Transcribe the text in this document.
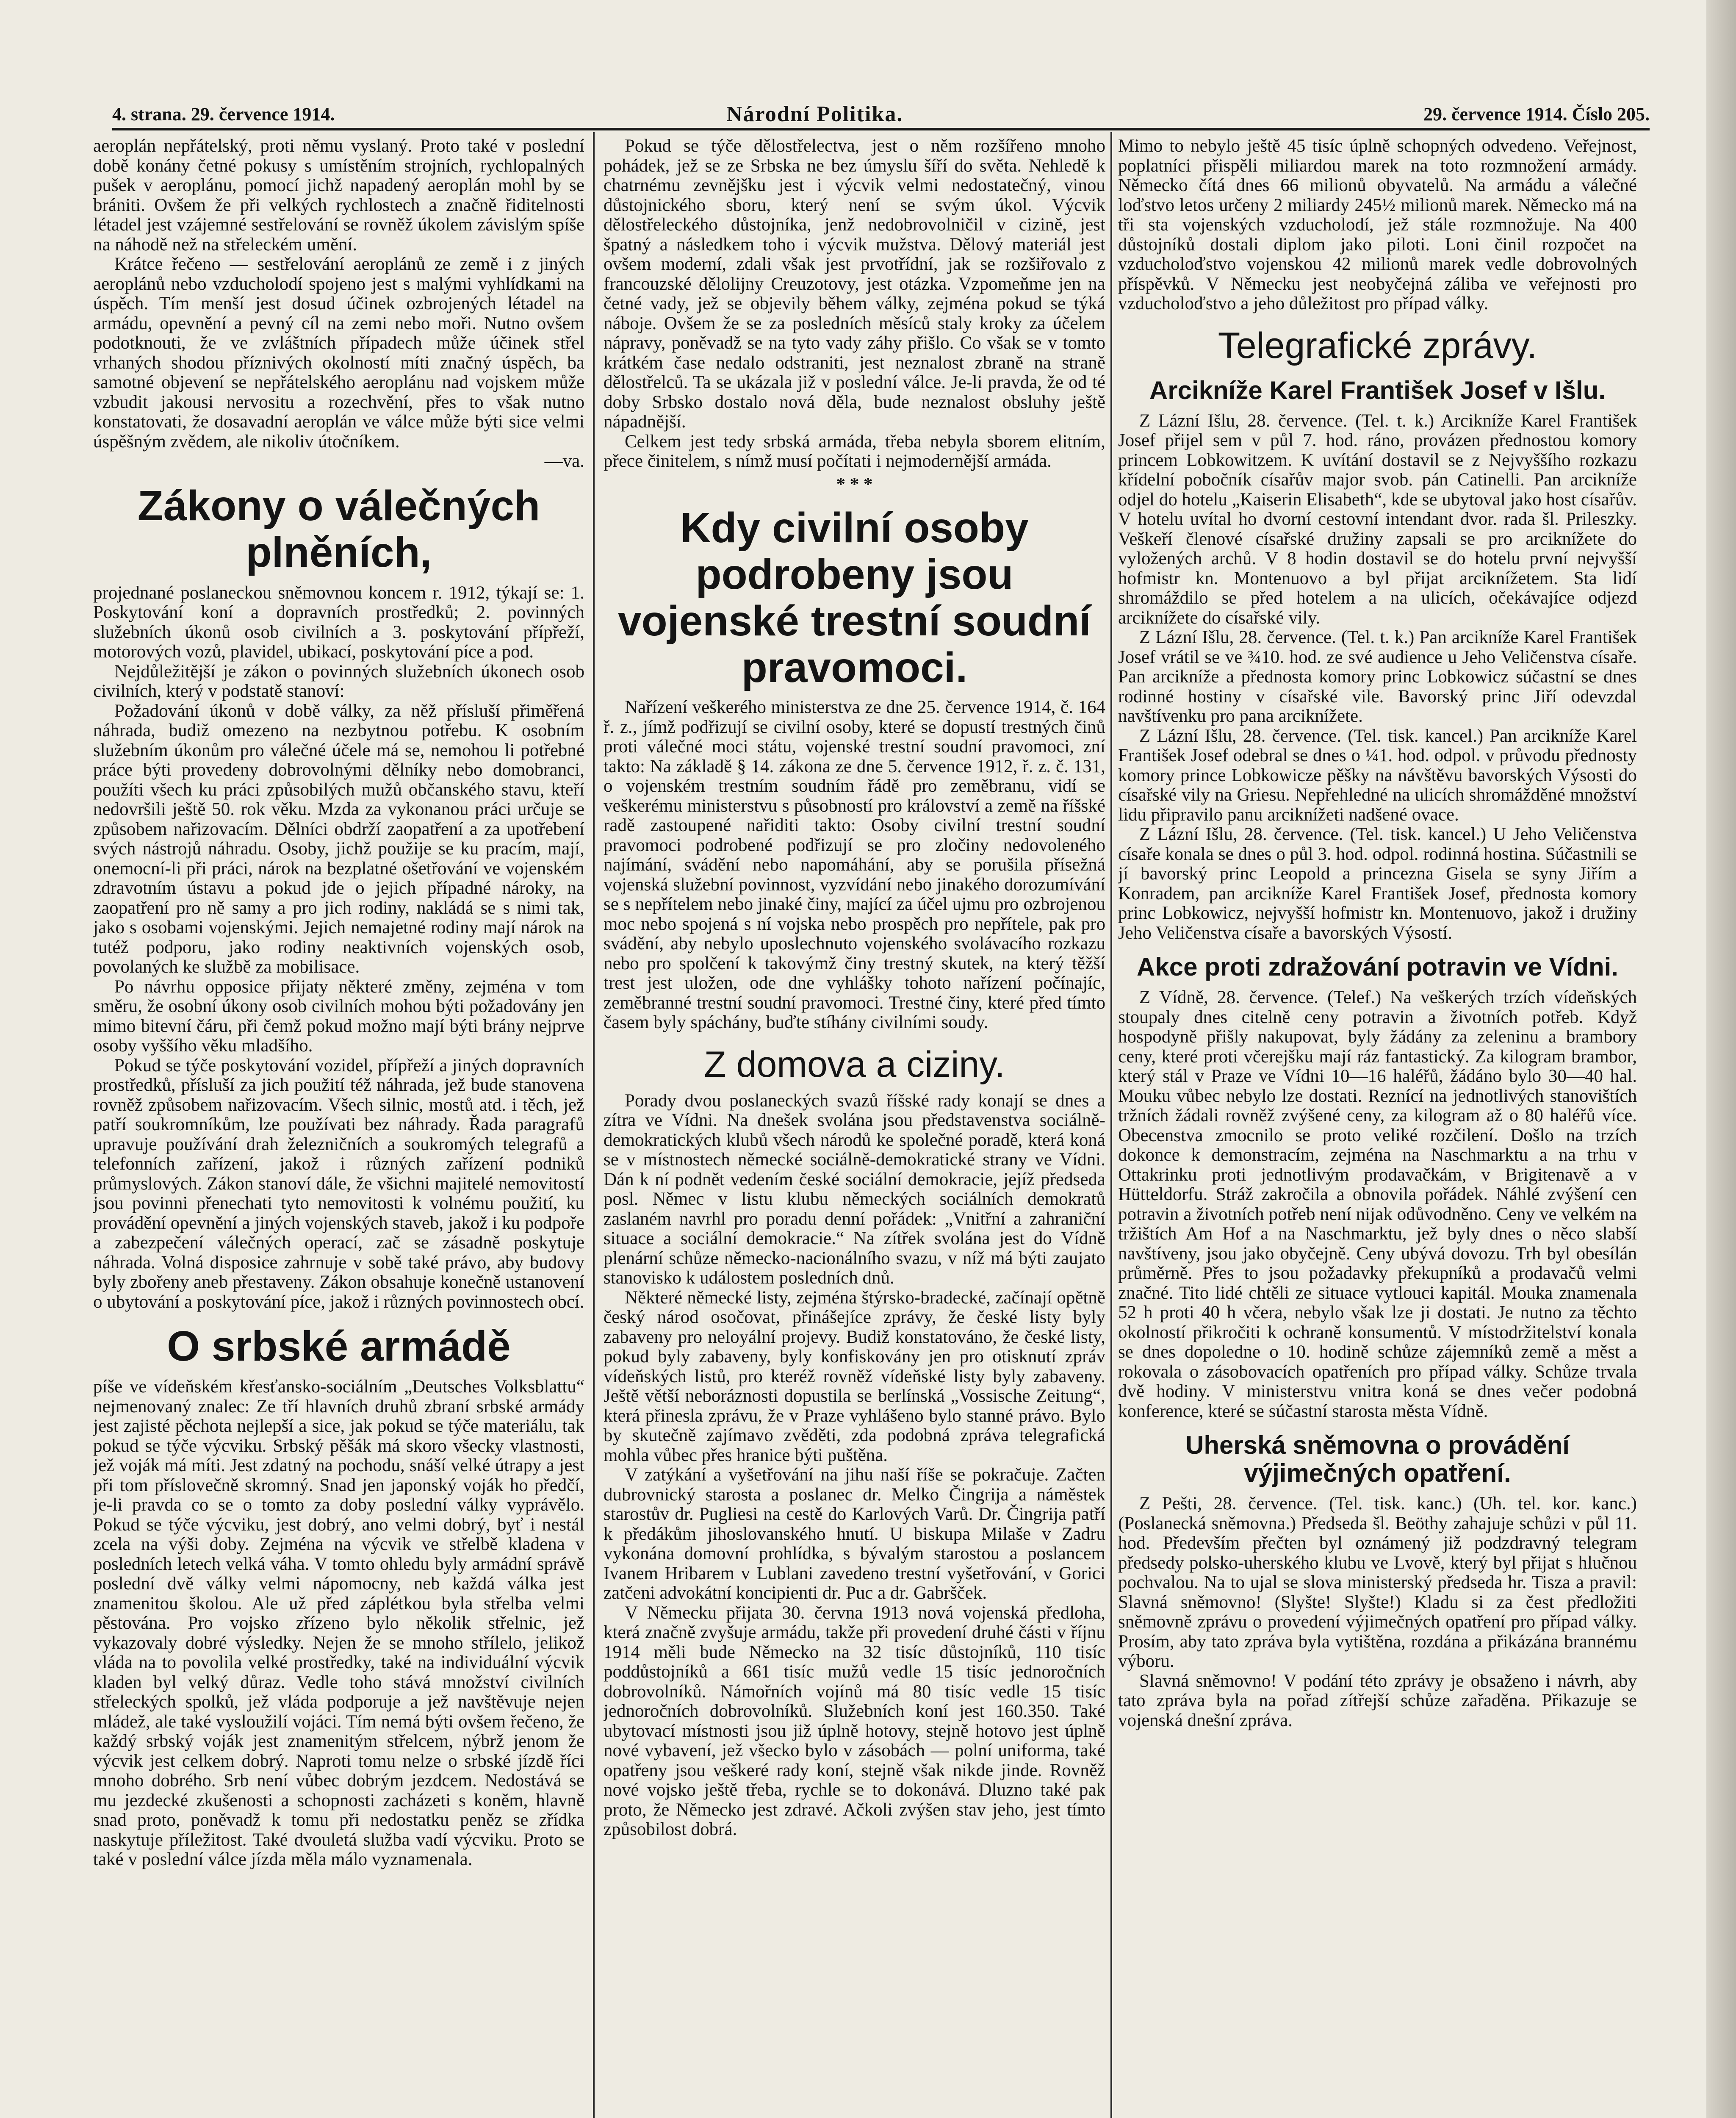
4. strana. 29. července 1914.	Národní Politika.	29. července 1914. Číslo 205.

aeroplán nepřátelský, proti němu vyslaný. Proto také v poslední době konány četné pokusy s umístěním strojních, rychlopalných pušek v aeroplánu, pomocí jichž napadený aeroplán mohl by se brániti. Ovšem že při velkých rychlostech a značně řiditelnosti létadel jest vzájemné sestřelování se rovněž úkolem závislým spíše na náhodě než na střeleckém umění.

Krátce řečeno — sestřelování aeroplánů ze země i z jiných aeroplánů nebo vzducholodí spojeno jest s malými vyhlídkami na úspěch. Tím menší jest dosud účinek ozbrojených létadel na armádu, opevnění a pevný cíl na zemi nebo moři. Nutno ovšem podotknouti, že ve zvláštních případech může účinek střel vrhaných shodou příznivých okolností míti značný úspěch, ba samotné objevení se nepřátelského aeroplánu nad vojskem může vzbudit jakousi nervositu a rozechvění, přes to však nutno konstatovati, že dosavadní aeroplán ve válce může býti sice velmi úspěšným zvědem, ale nikoliv útočníkem.

—va.

Zákony o válečných plněních,

projednané poslaneckou sněmovnou koncem r. 1912, týkají se: 1. Poskytování koní a dopravních prostředků; 2. povinných služebních úkonů osob civilních a 3. poskytování přípřeží, motorových vozů, plavidel, ubikací, poskytování píce a pod.

Nejdůležitější je zákon o povinných služebních úkonech osob civilních, který v podstatě stanoví:

Požadování úkonů v době války, za něž přísluší přiměřená náhrada, budiž omezeno na nezbytnou potřebu. K osobním služebním úkonům pro válečné účele má se, nemohou li potřebné práce býti provedeny dobrovolnými dělníky nebo domobranci, použíti všech ku práci způsobilých mužů občanského stavu, kteří nedovršili ještě 50. rok věku. Mzda za vykonanou práci určuje se způsobem nařizovacím. Dělníci obdrží zaopatření a za upotřebení svých nástrojů náhradu. Osoby, jichž použije se ku pracím, mají, onemocní-li při práci, nárok na bezplatné ošetřování ve vojenském zdravotním ústavu a pokud jde o jejich případné nároky, na zaopatření pro ně samy a pro jich rodiny, nakládá se s nimi tak, jako s osobami vojenskými. Jejich nemajetné rodiny mají nárok na tutéž podporu, jako rodiny neaktivních vojenských osob, povolaných ke službě za mobilisace.

Po návrhu opposice přijaty některé změny, zejména v tom směru, že osobní úkony osob civilních mohou býti požadovány jen mimo bitevní čáru, při čemž pokud možno mají býti brány nejprve osoby vyššího věku mladšího.

Pokud se týče poskytování vozidel, přípřeží a jiných dopravních prostředků, přísluší za jich použití též náhrada, jež bude stanovena rovněž způsobem nařizovacím. Všech silnic, mostů atd. i těch, jež patří soukromníkům, lze používati bez náhrady. Řada paragrafů upravuje používání drah železničních a soukromých telegrafů a telefonních zařízení, jakož i různých zařízení podniků průmyslových. Zákon stanoví dále, že všichni majitelé nemovitostí jsou povinni přenechati tyto nemovitosti k volnému použití, ku provádění opevnění a jiných vojenských staveb, jakož i ku podpoře a zabezpečení válečných operací, zač se zásadně poskytuje náhrada. Volná disposice zahrnuje v sobě také právo, aby budovy byly zbořeny aneb přestaveny. Zákon obsahuje konečně ustanovení o ubytování a poskytování píce, jakož i různých povinnostech obcí.

O srbské armádě

píše ve vídeňském křesťansko-sociálním „Deutsches Volksblattu“ nejmenovaný znalec: Ze tří hlavních druhů zbraní srbské armády jest zajisté pěchota nejlepší a sice, jak pokud se týče materiálu, tak pokud se týče výcviku. Srbský pěšák má skoro všecky vlastnosti, jež voják má míti. Jest zdatný na pochodu, snáší velké útrapy a jest při tom příslovečně skromný. Snad jen japonský voják ho předčí, je-li pravda co se o tomto za doby poslední války vyprávělo. Pokud se týče výcviku, jest dobrý, ano velmi dobrý, byť i nestál zcela na výši doby. Zejména na výcvik ve střelbě kladena v posledních letech velká váha. V tomto ohledu byly armádní správě poslední dvě války velmi nápomocny, neb každá válka jest znamenitou školou. Ale už před záplétkou byla střelba velmi pěstována. Pro vojsko zřízeno bylo několik střelnic, jež vykazovaly dobré výsledky. Nejen že se mnoho střílelo, jelikož vláda na to povolila velké prostředky, také na individuální výcvik kladen byl velký důraz. Vedle toho stává množství civilních střeleckých spolků, jež vláda podporuje a jež navštěvuje nejen mládež, ale také vysloužilí vojáci. Tím nemá býti ovšem řečeno, že každý srbský voják jest znamenitým střelcem, nýbrž jenom že výcvik jest celkem dobrý. Naproti tomu nelze o srbské jízdě říci mnoho dobrého. Srb není vůbec dobrým jezdcem. Nedostává se mu jezdecké zkušenosti a schopnosti zacházeti s koněm, hlavně snad proto, poněvadž k tomu při nedostatku peněz se zřídka naskytuje příležitost. Také dvouletá služba vadí výcviku. Proto se také v poslední válce jízda měla málo vyznamenala.

Pokud se týče dělostřelectva, jest o něm rozšířeno mnoho pohádek, jež se ze Srbska ne bez úmyslu šíří do světa. Nehledě k chatrnému zevnějšku jest i výcvik velmi nedostatečný, vinou důstojnického sboru, který není se svým úkol. Výcvik dělostřeleckého důstojníka, jenž nedobrovolničil v cizině, jest špatný a následkem toho i výcvik mužstva. Dělový materiál jest ovšem moderní, zdali však jest prvotřídní, jak se rozšiřovalo z francouzské dělolijny Creuzotovy, jest otázka. Vzpomeňme jen na četné vady, jež se objevily během války, zejména pokud se týká náboje. Ovšem že se za posledních měsíců staly kroky za účelem nápravy, poněvadž se na tyto vady záhy přišlo. Co však se v tomto krátkém čase nedalo odstraniti, jest neznalost zbraně na straně dělostřelců. Ta se ukázala již v poslední válce. Je-li pravda, že od té doby Srbsko dostalo nová děla, bude neznalost obsluhy ještě nápadnější.

Celkem jest tedy srbská armáda, třeba nebyla sborem elitním, přece činitelem, s nímž musí počítati i nejmodernější armáda.

* * *
Kdy civilní osoby podrobeny jsou vojenské trestní soudní pravomoci.

Nařízení veškerého ministerstva ze dne 25. července 1914, č. 164 ř. z., jímž podřizují se civilní osoby, které se dopustí trestných činů proti válečné moci státu, vojenské trestní soudní pravomoci, zní takto: Na základě § 14. zákona ze dne 5. července 1912, ř. z. č. 131, o vojenském trestním soudním řádě pro zeměbranu, vidí se veškerému ministerstvu s působností pro království a země na říšské radě zastoupené nařiditi takto: Osoby civilní trestní soudní pravomoci podrobené podřizují se pro zločiny nedovoleného najímání, svádění nebo napomáhání, aby se porušila přísežná vojenská služební povinnost, vyzvídání nebo jinakého dorozumívání se s nepřítelem nebo jinaké činy, mající za účel ujmu pro ozbrojenou moc nebo spojená s ní vojska nebo prospěch pro nepřítele, pak pro svádění, aby nebylo uposlechnuto vojenského svolávacího rozkazu nebo pro spolčení k takovýmž činy trestný skutek, na který těžší trest jest uložen, ode dne vyhlášky tohoto nařízení počínajíc, zeměbranné trestní soudní pravomoci. Trestné činy, které před tímto časem byly spáchány, buďte stíhány civilními soudy.

Z domova a ciziny.

Porady dvou poslaneckých svazů říšské rady konají se dnes a zítra ve Vídni. Na dnešek svolána jsou představenstva sociálně-demokratických klubů všech národů ke společné poradě, která koná se v místnostech německé sociálně-demokratické strany ve Vídni. Dán k ní podnět vedením české sociální demokracie, jejíž předseda posl. Němec v listu klubu německých sociálních demokratů zaslaném navrhl pro poradu denní pořádek: „Vnitřní a zahraniční situace a sociální demokracie.“ Na zítřek svolána jest do Vídně plenární schůze německo-nacionálního svazu, v níž má býti zaujato stanovisko k událostem posledních dnů.

Některé německé listy, zejména štýrsko-bradecké, začínají opětně český národ osočovat, přinášejíce zprávy, že české listy byly zabaveny pro neloyální projevy. Budiž konstatováno, že české listy, pokud byly zabaveny, byly konfiskovány jen pro otisknutí zpráv vídeňských listů, pro kteréž rovněž vídeňské listy byly zabaveny. Ještě větší neboráznosti dopustila se berlínská „Vossische Zeitung“, která přinesla zprávu, že v Praze vyhlášeno bylo stanné právo. Bylo by skutečně zajímavo zvěděti, zda podobná zpráva telegrafická mohla vůbec přes hranice býti puštěna.

V zatýkání a vyšetřování na jihu naší říše se pokračuje. Začten dubrovnický starosta a poslanec dr. Melko Čingrija a náměstek starostův dr. Pugliesi na cestě do Karlových Varů. Dr. Čingrija patří k předákům jihoslovanského hnutí. U biskupa Milaše v Zadru vykonána domovní prohlídka, s bývalým starostou a poslancem Ivanem Hribarem v Lublani zavedeno trestní vyšetřování, v Gorici zatčeni advokátní koncipienti dr. Puc a dr. Gabršček.

V Německu přijata 30. června 1913 nová vojenská předloha, která značně zvyšuje armádu, takže při provedení druhé části v říjnu 1914 měli bude Německo na 32 tisíc důstojníků, 110 tisíc poddůstojníků a 661 tisíc mužů vedle 15 tisíc jednoročních dobrovolníků. Námořních vojínů má 80 tisíc vedle 15 tisíc jednoročních dobrovolníků. Služebních koní jest 160.350. Také ubytovací místnosti jsou již úplně hotovy, stejně hotovo jest úplně nové vybavení, jež všecko bylo v zásobách — polní uniforma, také opatřeny jsou veškeré rady koní, stejně však nikde jinde. Rovněž nové vojsko ještě třeba, rychle se to dokonává. Dluzno také pak proto, že Německo jest zdravé. Ačkoli zvýšen stav jeho, jest tímto způsobilost dobrá.

Mimo to nebylo ještě 45 tisíc úplně schopných odvedeno. Veřejnost, poplatníci přispěli miliardou marek na toto rozmnožení armády. Německo čítá dnes 66 milionů obyvatelů. Na armádu a válečné loďstvo letos určeny 2 miliardy 245½ milionů marek. Německo má na tři sta vojenských vzducholodí, jež stále rozmnožuje. Na 400 důstojníků dostali diplom jako piloti. Loni činil rozpočet na vzducholoďstvo vojenskou 42 milionů marek vedle dobrovolných příspěvků. V Německu jest neobyčejná záliba ve veřejnosti pro vzducholoďstvo a jeho důležitost pro případ války.

Telegrafické zprávy.
Arcikníže Karel František Josef v Išlu.

Z Lázní Išlu, 28. července. (Tel. t. k.) Arcikníže Karel František Josef přijel sem v půl 7. hod. ráno, provázen přednostou komory princem Lobkowitzem. K uvítání dostavil se z Nejvyššího rozkazu křídelní pobočník císařův major svob. pán Catinelli. Pan arcikníže odjel do hotelu „Kaiserin Elisabeth“, kde se ubytoval jako host císařův. V hotelu uvítal ho dvorní cestovní intendant dvor. rada šl. Prileszky. Veškeří členové císařské družiny zapsali se pro arciknížete do vyložených archů. V 8 hodin dostavil se do hotelu první nejvyšší hofmistr kn. Montenuovo a byl přijat arciknížetem. Sta lidí shromáždilo se před hotelem a na ulicích, očekávajíce odjezd arciknížete do císařské vily.

Z Lázní Išlu, 28. července. (Tel. t. k.) Pan arcikníže Karel František Josef vrátil se ve ¾10. hod. ze své audience u Jeho Veličenstva císaře. Pan arcikníže a přednosta komory princ Lobkowicz súčastní se dnes rodinné hostiny v císařské vile. Bavorský princ Jiří odevzdal navštívenku pro pana arciknížete.

Z Lázní Išlu, 28. července. (Tel. tisk. kancel.) Pan arcikníže Karel František Josef odebral se dnes o ¼1. hod. odpol. v průvodu přednosty komory prince Lobkowicze pěšky na návštěvu bavorských Výsosti do císařské vily na Griesu. Nepřehledné na ulicích shromážděné množství lidu připravilo panu arciknížeti nadšené ovace.

Z Lázní Išlu, 28. července. (Tel. tisk. kancel.) U Jeho Veličenstva císaře konala se dnes o půl 3. hod. odpol. rodinná hostina. Súčastnili se jí bavorský princ Leopold a princezna Gisela se syny Jiřím a Konradem, pan arcikníže Karel František Josef, přednosta komory princ Lobkowicz, nejvyšší hofmistr kn. Montenuovo, jakož i družiny Jeho Veličenstva císaře a bavorských Výsostí.

Akce proti zdražování potravin ve Vídni.

Z Vídně, 28. července. (Telef.) Na veškerých trzích vídeňských stoupaly dnes citelně ceny potravin a životních potřeb. Když hospodyně přišly nakupovat, byly žádány za zeleninu a brambory ceny, které proti včerejšku mají ráz fantastický. Za kilogram brambor, který stál v Praze ve Vídni 10—16 haléřů, žádáno bylo 30—40 hal. Mouku vůbec nebylo lze dostati. Reznící na jednotlivých stanovištích tržních žádali rovněž zvýšené ceny, za kilogram až o 80 haléřů více. Obecenstva zmocnilo se proto veliké rozčilení. Došlo na trzích dokonce k demonstracím, zejména na Naschmarktu a na trhu v Ottakrinku proti jednotlivým prodavačkám, v Brigitenavě a v Hütteldorfu. Stráž zakročila a obnovila pořádek. Náhlé zvýšení cen potravin a životních potřeb není nijak odůvodněno. Ceny ve velkém na tržištích Am Hof a na Naschmarktu, jež byly dnes o něco slabší navštíveny, jsou jako obyčejně. Ceny ubývá dovozu. Trh byl obesílán průměrně. Přes to jsou požadavky překupníků a prodavačů velmi značné. Tito lidé chtěli ze situace vytlouci kapitál. Mouka znamenala 52 h proti 40 h včera, nebylo však lze ji dostati. Je nutno za těchto okolností přikročiti k ochraně konsumentů. V místodržitelství konala se dnes dopoledne o 10. hodině schůze zájemníků země a měst a rokovala o zásobovacích opatřeních pro případ války. Schůze trvala dvě hodiny. V ministerstvu vnitra koná se dnes večer podobná konference, které se súčastní starosta města Vídně.

Uherská sněmovna o provádění výjimečných opatření.

Z Pešti, 28. července. (Tel. tisk. kanc.) (Uh. tel. kor. kanc.) (Poslanecká sněmovna.) Předseda šl. Beöthy zahajuje schůzi v půl 11. hod. Především přečten byl oznámený již podzdravný telegram předsedy polsko-uherského klubu ve Lvově, který byl přijat s hlučnou pochvalou. Na to ujal se slova ministerský předseda hr. Tisza a pravil: Slavná sněmovno! (Slyšte! Slyšte!) Kladu si za čest předložiti sněmovně zprávu o provedení výjimečných opatření pro případ války. Prosím, aby tato zpráva byla vytištěna, rozdána a přikázána brannému výboru.

Slavná sněmovno! V podání této zprávy je obsaženo i návrh, aby tato zpráva byla na pořad zítřejší schůze zařaděna. Přikazuje se vojenská dnešní zpráva.
